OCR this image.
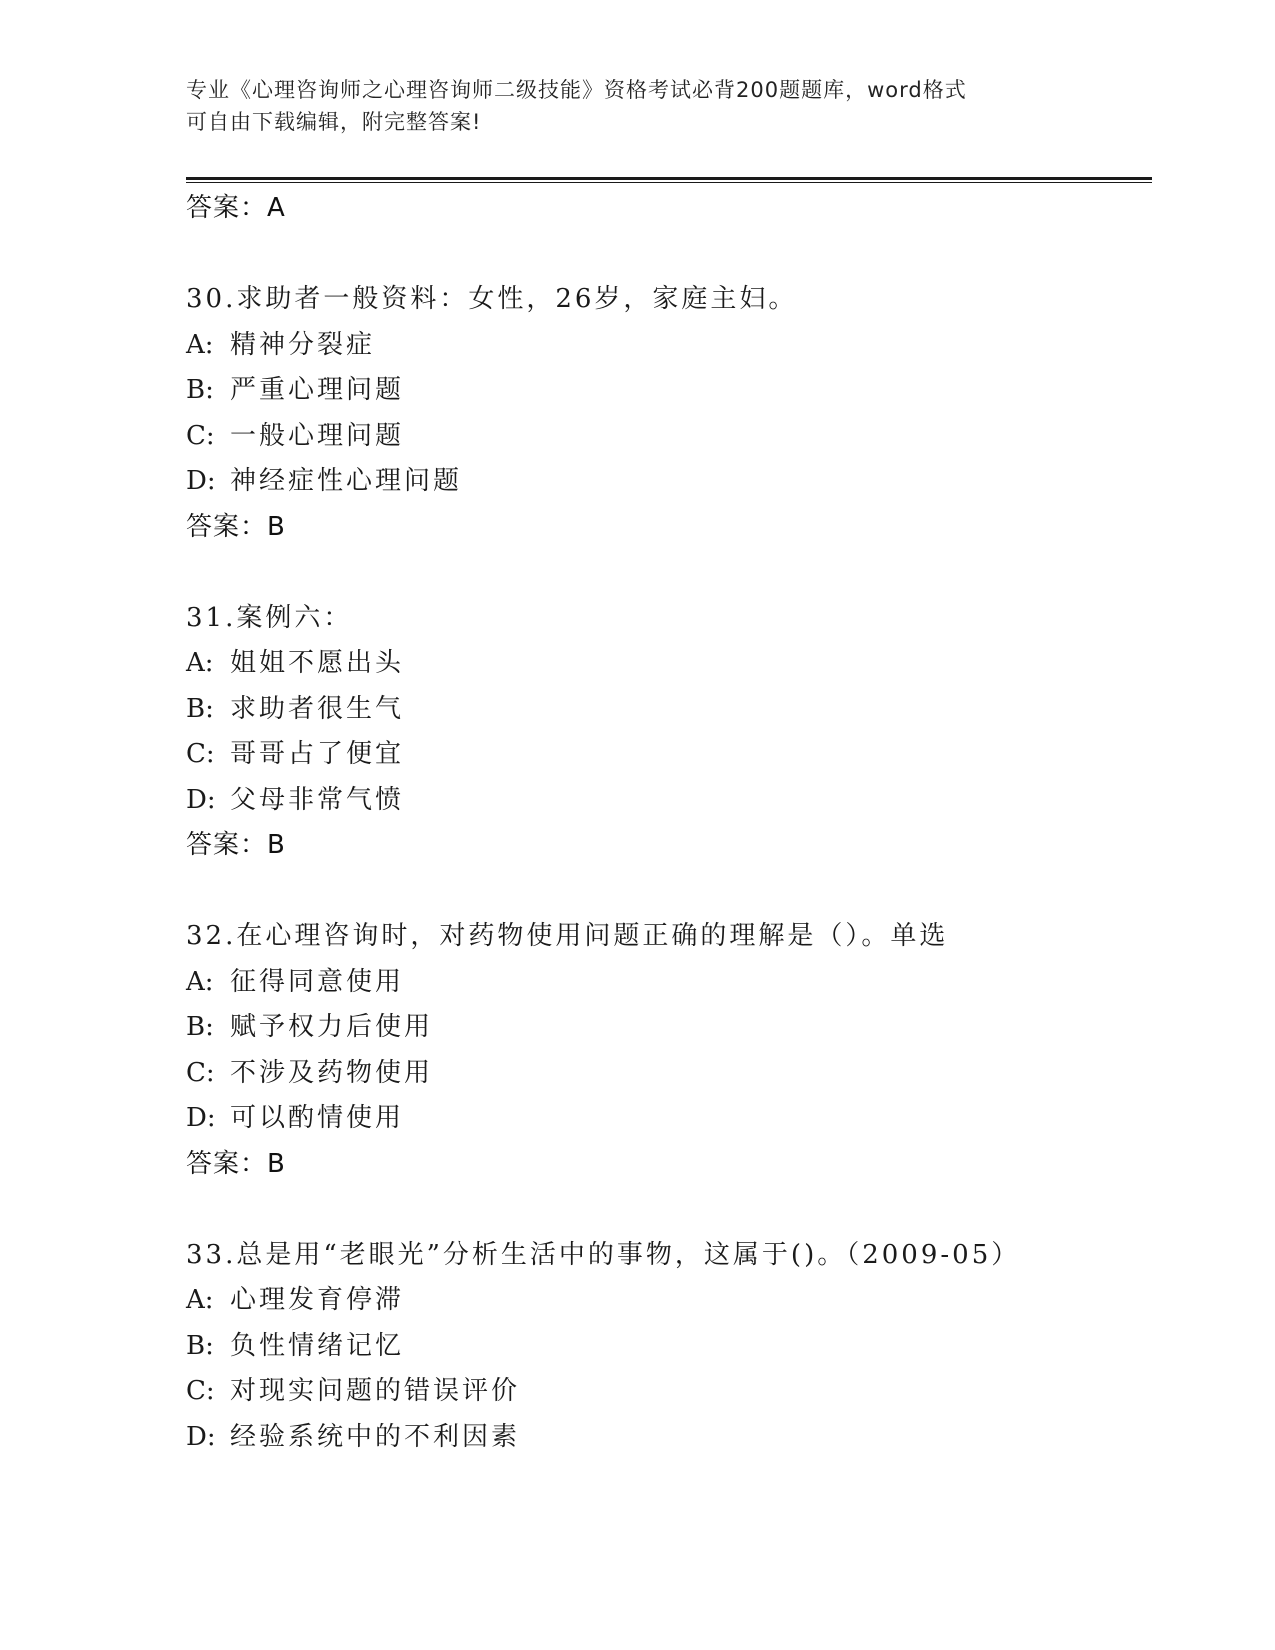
专业《心理咨询师之心理咨询师二级技能》资格考试必背200题题库，word格式
可自由下载编辑，附完整答案!
答案：A
30.求助者一般资料：女性，26岁，家庭主妇。
A: 精神分裂症
B: 严重心理问题
C: 一般心理问题
D: 神经症性心理问题
答案：B
31.案例六：
A: 姐姐不愿出头
B: 求助者很生气
C: 哥哥占了便宜
D: 父母非常气愤
答案：B
32.在心理咨询时，对药物使用问题正确的理解是（）。单选
A: 征得同意使用
B: 赋予权力后使用
C: 不涉及药物使用
D: 可以酌情使用
答案：B
33.总是用“老眼光”分析生活中的事物，这属于()。（2009-05）
A: 心理发育停滞
B: 负性情绪记忆
C: 对现实问题的错误评价
D: 经验系统中的不利因素
